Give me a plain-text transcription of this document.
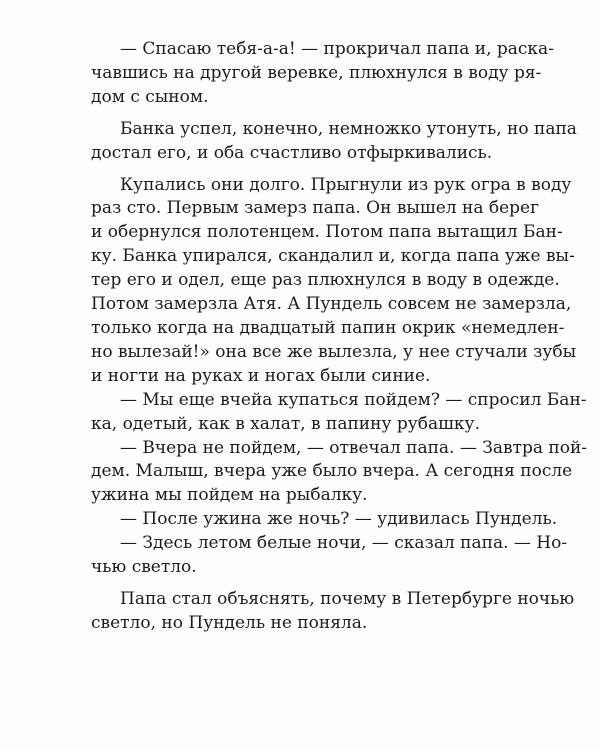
— Спасаю тебя-а-а! — прокричал папа и, раска-
чавшись на другой веревке, плюхнулся в воду ря-
дом с сыном.

Банка успел, конечно, немножко утонуть, но папа
достал его, и оба счастливо отфыркивались.

Купались они долго. Прыгнули из рук огра в воду
раз сто. Первым замерз папа. Он вышел на берег
и обернулся полотенцем. Потом папа вытащил Бан-
ку. Банка упирался, скандалил и, когда папа уже вы-
тер его и одел, еще раз плюхнулся в воду в одежде.
Потом замерзла Атя. А Пундель совсем не замерзла,
только когда на двадцатый папин окрик «немедлен-
но вылезай!» она все же вылезла, у нее стучали зубы
и ногти на руках и ногах были синие.

— Мы еще вчейа купаться пойдем? — спросил Бан-
ка, одетый, как в халат, в папину рубашку.

— Вчера не пойдем, — отвечал папа. — Завтра пой-
дем. Малыш, вчера уже было вчера. А сегодня после
ужина мы пойдем на рыбалку.

— После ужина же ночь? — удивилась Пундель.

— Здесь летом белые ночи, — сказал папа. — Но-
чью светло.

Папа стал объяснять, почему в Петербурге ночью
светло, но Пундель не поняла.
